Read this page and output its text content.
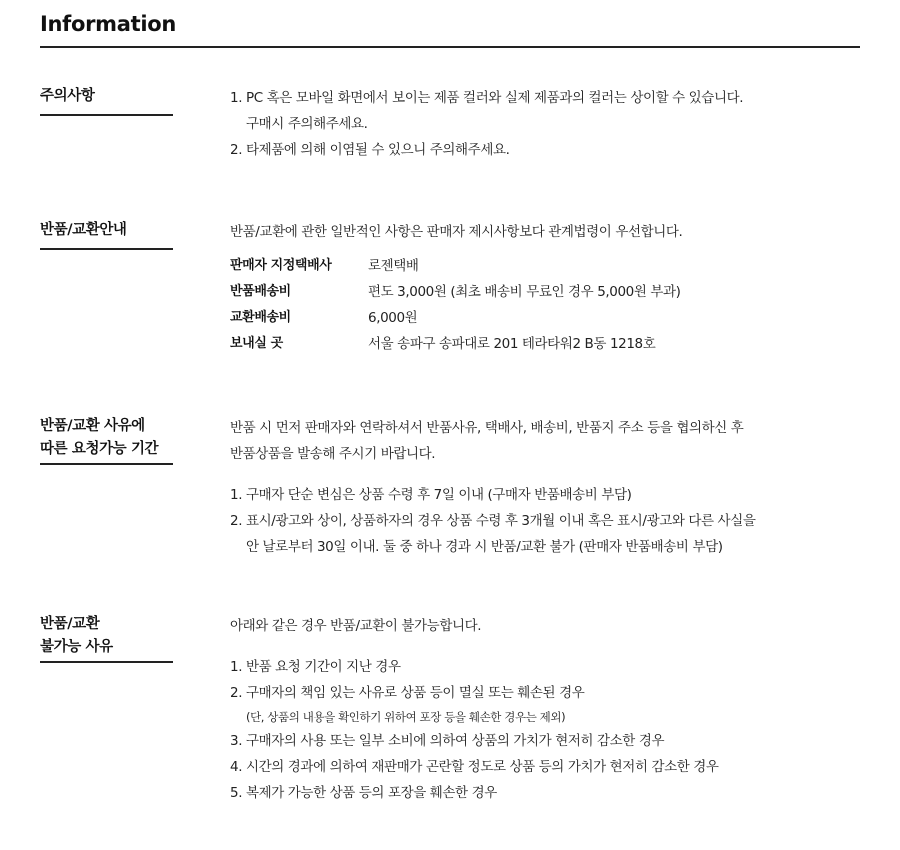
Information
주의사항	1. PC 혹은 모바일 화면에서 보이는 제품 컬러와 실제 제품과의 컬러는 상이할 수 있습니다.
구매시 주의해주세요.
2. 타제품에 의해 이염될 수 있으니 주의해주세요.
반품/교환안내	반품/교환에 관한 일반적인 사항은 판매자 제시사항보다 관계법령이 우선합니다.
판매자 지정택배사	로젠택배
반품배송비	편도 3,000원 (최초 배송비 무료인 경우 5,000원 부과)
교환배송비	6,000원
보내실 곳	서울 송파구 송파대로 201 테라타워2 B동 1218호
반품/교환 사유에
따른 요청가능 기간
반품 시 먼저 판매자와 연락하셔서 반품사유, 택배사, 배송비, 반품지 주소 등을 협의하신 후
반품상품을 발송해 주시기 바랍니다.
1. 구매자 단순 변심은 상품 수령 후 7일 이내 (구매자 반품배송비 부담)
2. 표시/광고와 상이, 상품하자의 경우 상품 수령 후 3개월 이내 혹은 표시/광고와 다른 사실을
안 날로부터 30일 이내. 둘 중 하나 경과 시 반품/교환 불가 (판매자 반품배송비 부담)
반품/교환
불가능 사유
아래와 같은 경우 반품/교환이 불가능합니다.
1. 반품 요청 기간이 지난 경우
2. 구매자의 책임 있는 사유로 상품 등이 멸실 또는 훼손된 경우
(단, 상품의 내용을 확인하기 위하여 포장 등을 훼손한 경우는 제외)
3. 구매자의 사용 또는 일부 소비에 의하여 상품의 가치가 현저히 감소한 경우
4. 시간의 경과에 의하여 재판매가 곤란할 정도로 상품 등의 가치가 현저히 감소한 경우
5. 복제가 가능한 상품 등의 포장을 훼손한 경우
